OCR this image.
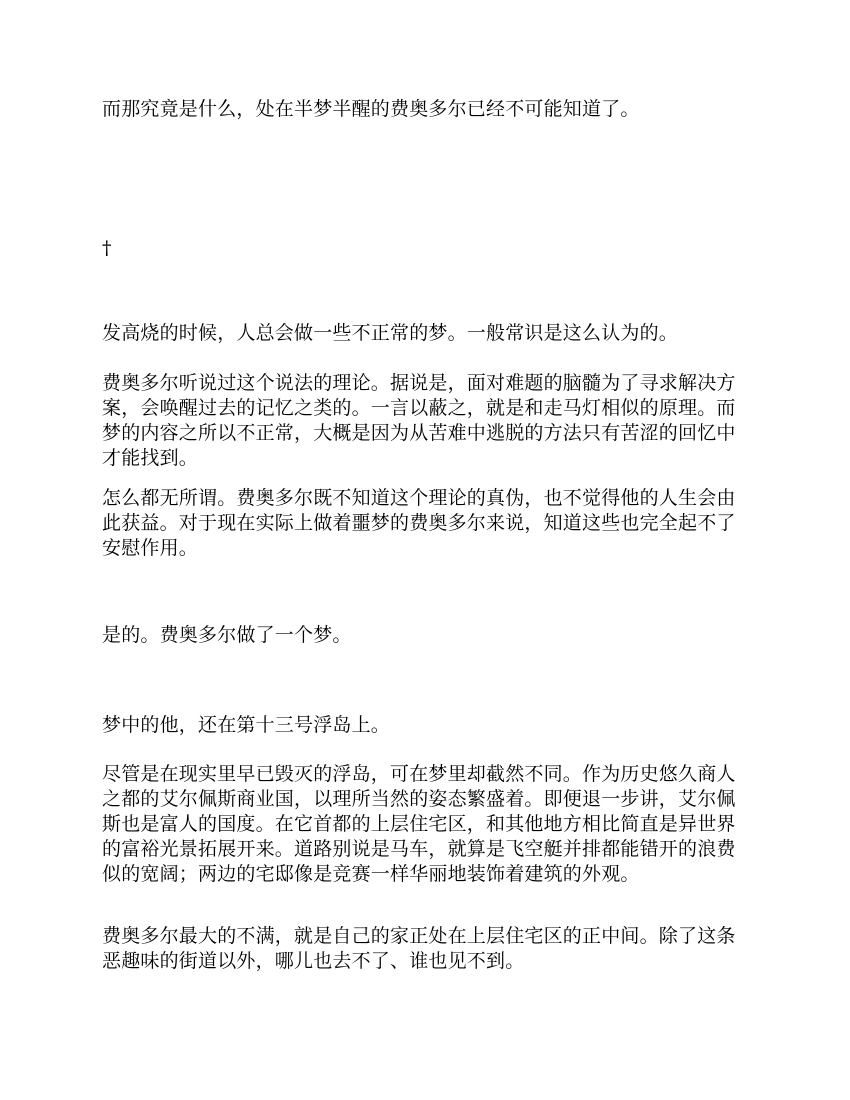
而那究竟是什么，处在半梦半醒的费奥多尔已经不可能知道了。

†

发高烧的时候，人总会做一些不正常的梦。一般常识是这么认为的。

费奥多尔听说过这个说法的理论。据说是，面对难题的脑髓为了寻求解决方案，会唤醒过去的记忆之类的。一言以蔽之，就是和走马灯相似的原理。而梦的内容之所以不正常，大概是因为从苦难中逃脱的方法只有苦涩的回忆中才能找到。

怎么都无所谓。费奥多尔既不知道这个理论的真伪，也不觉得他的人生会由此获益。对于现在实际上做着噩梦的费奥多尔来说，知道这些也完全起不了安慰作用。

是的。费奥多尔做了一个梦。

梦中的他，还在第十三号浮岛上。

尽管是在现实里早已毁灭的浮岛，可在梦里却截然不同。作为历史悠久商人之都的艾尔佩斯商业国，以理所当然的姿态繁盛着。即便退一步讲，艾尔佩斯也是富人的国度。在它首都的上层住宅区，和其他地方相比简直是异世界的富裕光景拓展开来。道路别说是马车，就算是飞空艇并排都能错开的浪费似的宽阔；两边的宅邸像是竞赛一样华丽地装饰着建筑的外观。

费奥多尔最大的不满，就是自己的家正处在上层住宅区的正中间。除了这条恶趣味的街道以外，哪儿也去不了、谁也见不到。
